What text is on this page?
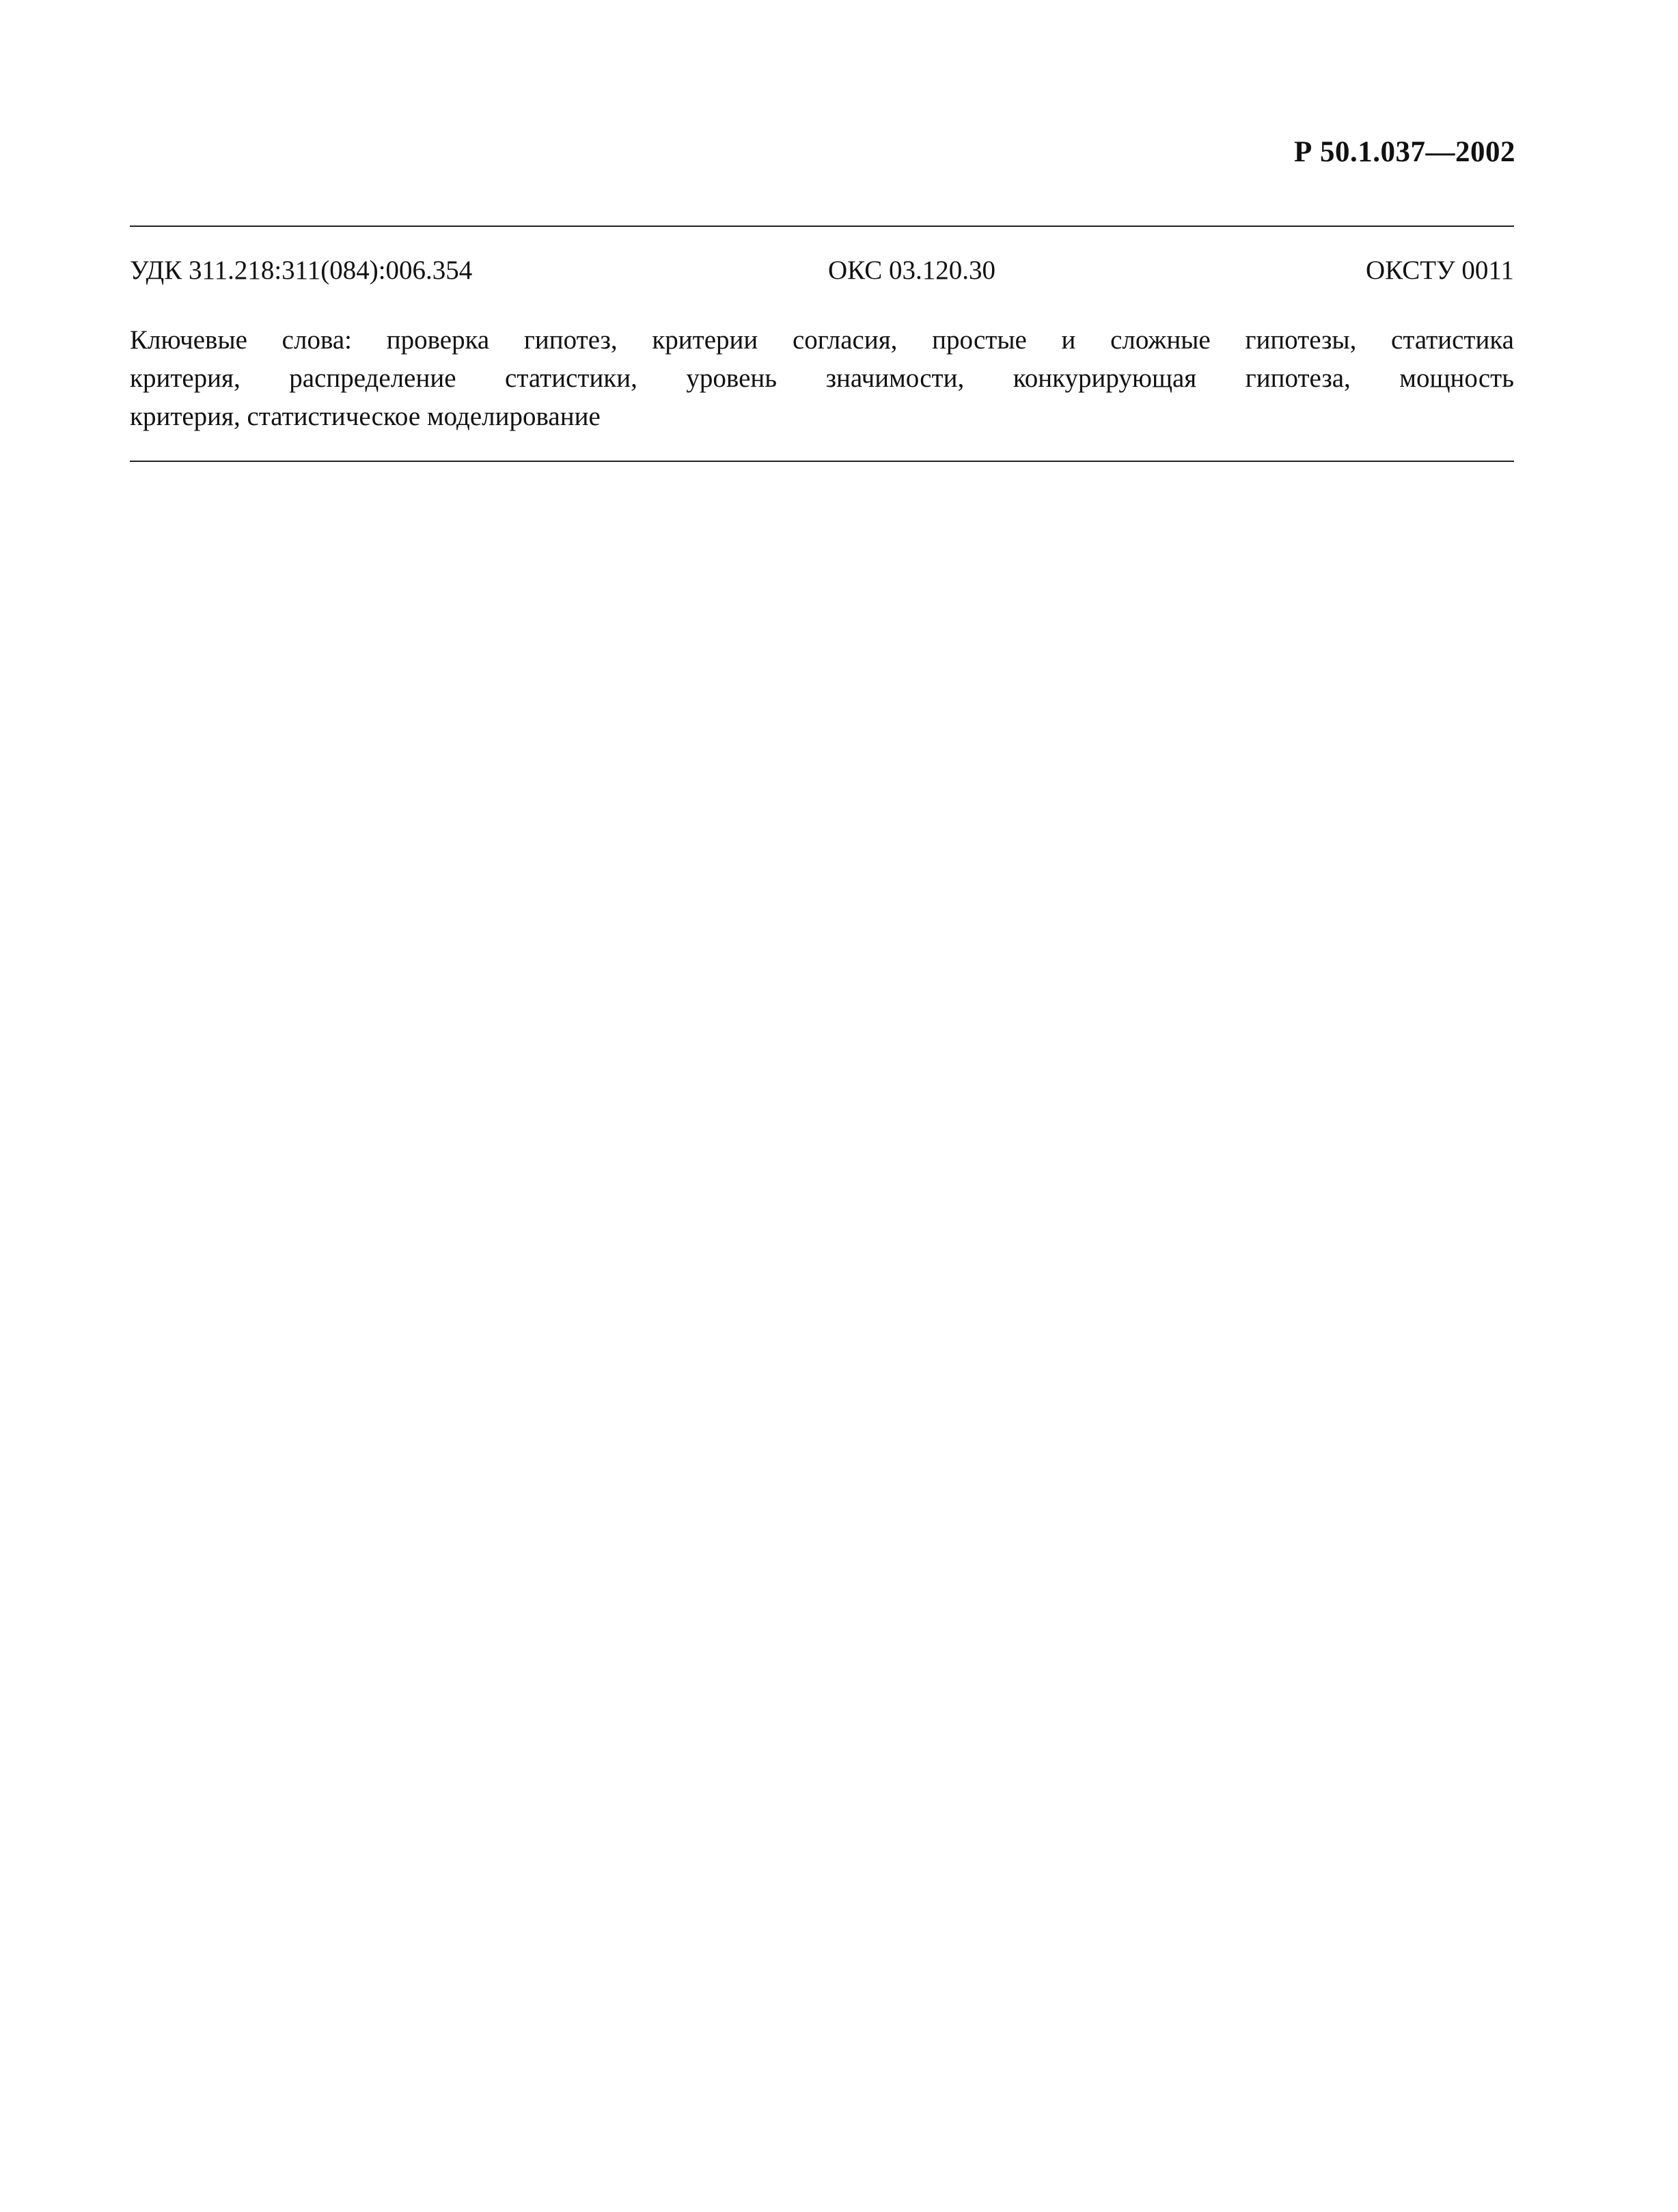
Р 50.1.037—2002
УДК 311.218:311(084):006.354	ОКС 03.120.30	ОКСТУ 0011
Ключевые слова: проверка гипотез, критерии согласия, простые и сложные гипотезы, статистика
критерия, распределение статистики, уровень значимости, конкурирующая гипотеза, мощность
критерия, статистическое моделирование
